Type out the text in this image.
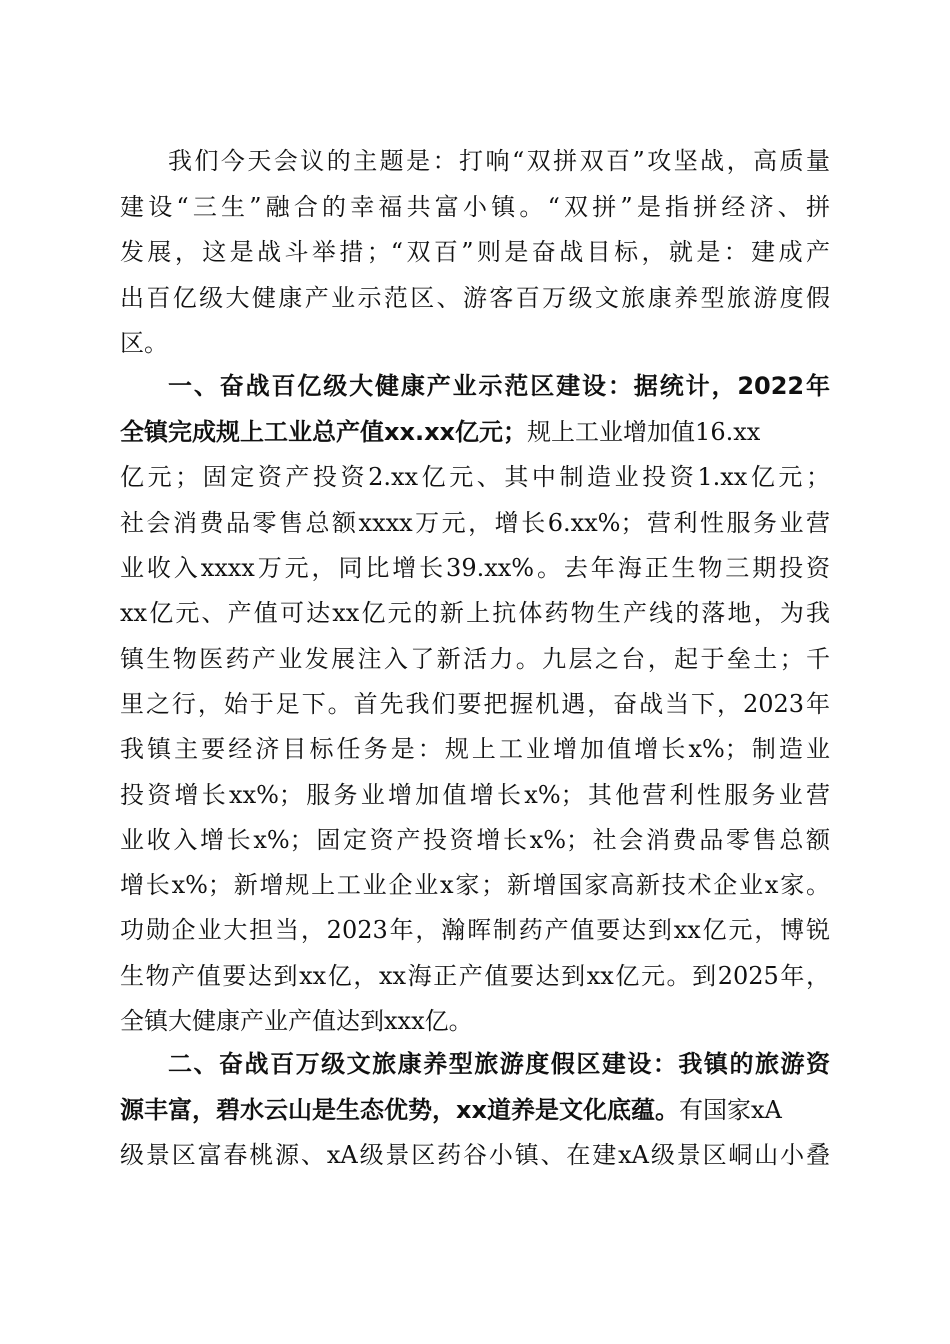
我们今天会议的主题是：打响“双拼双百”攻坚战，高质量
建设“三生”融合的幸福共富小镇。“双拼”是指拼经济、拼
发展，这是战斗举措；“双百”则是奋战目标，就是：建成产
出百亿级大健康产业示范区、游客百万级文旅康养型旅游度假
区。
一、奋战百亿级大健康产业示范区建设：据统计，2022年
全镇完成规上工业总产值xx.xx亿元；规上工业增加值16.xx
亿元；固定资产投资2.xx亿元、其中制造业投资1.xx亿元；
社会消费品零售总额xxxx万元，增长6.xx%；营利性服务业营
业收入xxxx万元，同比增长39.xx%。去年海正生物三期投资
xx亿元、产值可达xx亿元的新上抗体药物生产线的落地，为我
镇生物医药产业发展注入了新活力。九层之台，起于垒土；千
里之行，始于足下。首先我们要把握机遇，奋战当下，2023年
我镇主要经济目标任务是：规上工业增加值增长x%；制造业
投资增长xx%；服务业增加值增长x%；其他营利性服务业营
业收入增长x%；固定资产投资增长x%；社会消费品零售总额
增长x%；新增规上工业企业x家；新增国家高新技术企业x家。
功勋企业大担当，2023年，瀚晖制药产值要达到xx亿元，博锐
生物产值要达到xx亿，xx海正产值要达到xx亿元。到2025年，
全镇大健康产业产值达到xxx亿。
二、奋战百万级文旅康养型旅游度假区建设：我镇的旅游资
源丰富，碧水云山是生态优势，xx道养是文化底蕴。有国家xA
级景区富春桃源、xA级景区药谷小镇、在建xA级景区峒山小叠
